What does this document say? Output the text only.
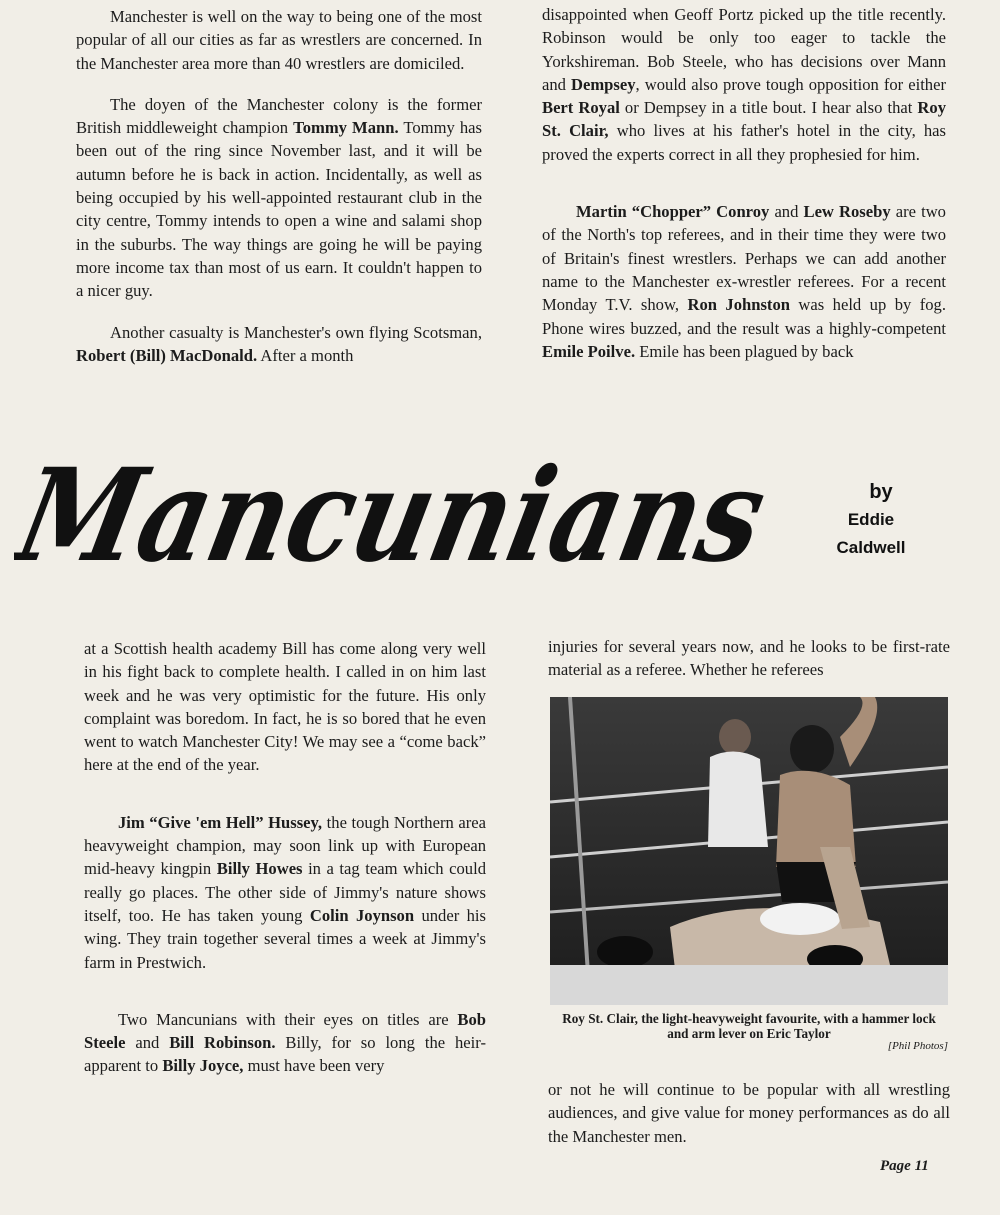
Manchester is well on the way to being one of the most popular of all our cities as far as wrestlers are concerned. In the Manchester area more than 40 wrestlers are domiciled.

The doyen of the Manchester colony is the former British middleweight champion Tommy Mann. Tommy has been out of the ring since November last, and it will be autumn before he is back in action. Incidentally, as well as being occupied by his well-appointed restaurant club in the city centre, Tommy intends to open a wine and salami shop in the suburbs. The way things are going he will be paying more income tax than most of us earn. It couldn't happen to a nicer guy.

Another casualty is Manchester's own flying Scotsman, Robert (Bill) MacDonald. After a month

disappointed when Geoff Portz picked up the title recently. Robinson would be only too eager to tackle the Yorkshireman. Bob Steele, who has decisions over Mann and Dempsey, would also prove tough opposition for either Bert Royal or Dempsey in a title bout. I hear also that Roy St. Clair, who lives at his father's hotel in the city, has proved the experts correct in all they prophesied for him.

Martin “Chopper” Conroy and Lew Roseby are two of the North's top referees, and in their time they were two of Britain's finest wrestlers. Perhaps we can add another name to the Manchester ex-wrestler referees. For a recent Monday T.V. show, Ron Johnston was held up by fog. Phone wires buzzed, and the result was a highly-competent Emile Poilve. Emile has been plagued by back

Mancunians
by
Eddie
Caldwell

at a Scottish health academy Bill has come along very well in his fight back to complete health. I called in on him last week and he was very optimistic for the future. His only complaint was boredom. In fact, he is so bored that he even went to watch Manchester City! We may see a “come back” here at the end of the year.

Jim “Give 'em Hell” Hussey, the tough Northern area heavyweight champion, may soon link up with European mid-heavy kingpin Billy Howes in a tag team which could really go places. The other side of Jimmy's nature shows itself, too. He has taken young Colin Joynson under his wing. They train together several times a week at Jimmy's farm in Prestwich.

Two Mancunians with their eyes on titles are Bob Steele and Bill Robinson. Billy, for so long the heir-apparent to Billy Joyce, must have been very

injuries for several years now, and he looks to be first-rate material as a referee. Whether he referees

Roy St. Clair, the light-heavyweight favourite, with a hammer lock and arm lever on Eric Taylor
[Phil Photos]

or not he will continue to be popular with all wrestling audiences, and give value for money performances as do all the Manchester men.

Page 11
